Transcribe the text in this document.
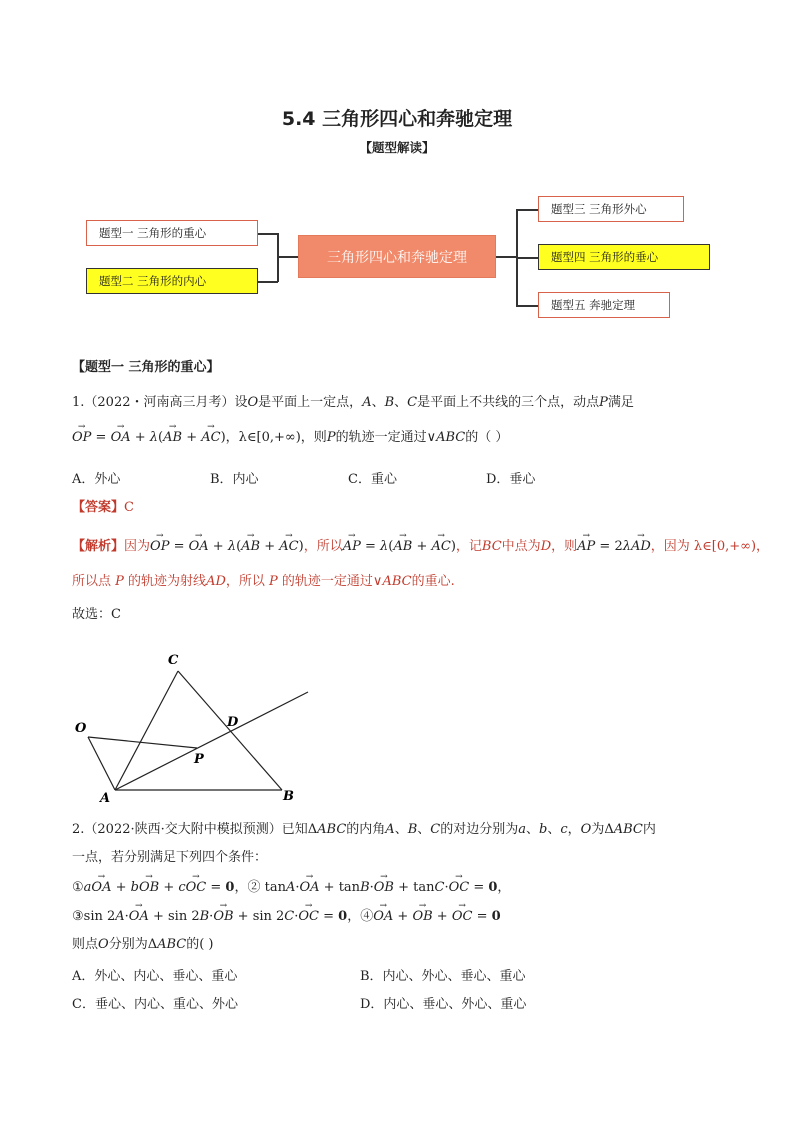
5.4 三角形四心和奔驰定理
【题型解读】
题型一 三角形的重心
题型二 三角形的内心
三角形四心和奔驰定理
题型三 三角形外心
题型四 三角形的垂心
题型五 奔驰定理
【题型一 三角形的重心】
1.（2022・河南高三月考）设O是平面上一定点，A、B、C是平面上不共线的三个点，动点P满足
→ OP = → OA + λ(→ AB + → AC)，λ∈[0,+∞)，则P的轨迹一定通过∨ABC的（ ）
A．外心	B．内心	C．重心	D．垂心
【答案】C
【解析】因为→ OP = → OA + λ(→ AB + → AC)，所以→ AP = λ(→ AB + → AC)，记BC中点为D，则→ AP = 2λ→ AD，因为 λ∈[0,+∞)，
所以点 P 的轨迹为射线AD，所以 P 的轨迹一定通过∨ABC的重心.
故选：C
C
O	D
P
A	B
2.（2022·陕西·交大附中模拟预测）已知ΔABC的内角A、B、C的对边分别为a、b、c，O为ΔABC内
一点，若分别满足下列四个条件：
①a→ OA + b→ OB + c→ OC = 0，② tanA·→ OA + tanB·→ OB + tanC·→ OC = 0，
③sin 2A·→ OA + sin 2B·→ OB + sin 2C·→ OC = 0，④→ OA + → OB + → OC = 0
则点O分别为ΔABC的( )
A．外心、内心、垂心、重心	B．内心、外心、垂心、重心
C．垂心、内心、重心、外心	D．内心、垂心、外心、重心
